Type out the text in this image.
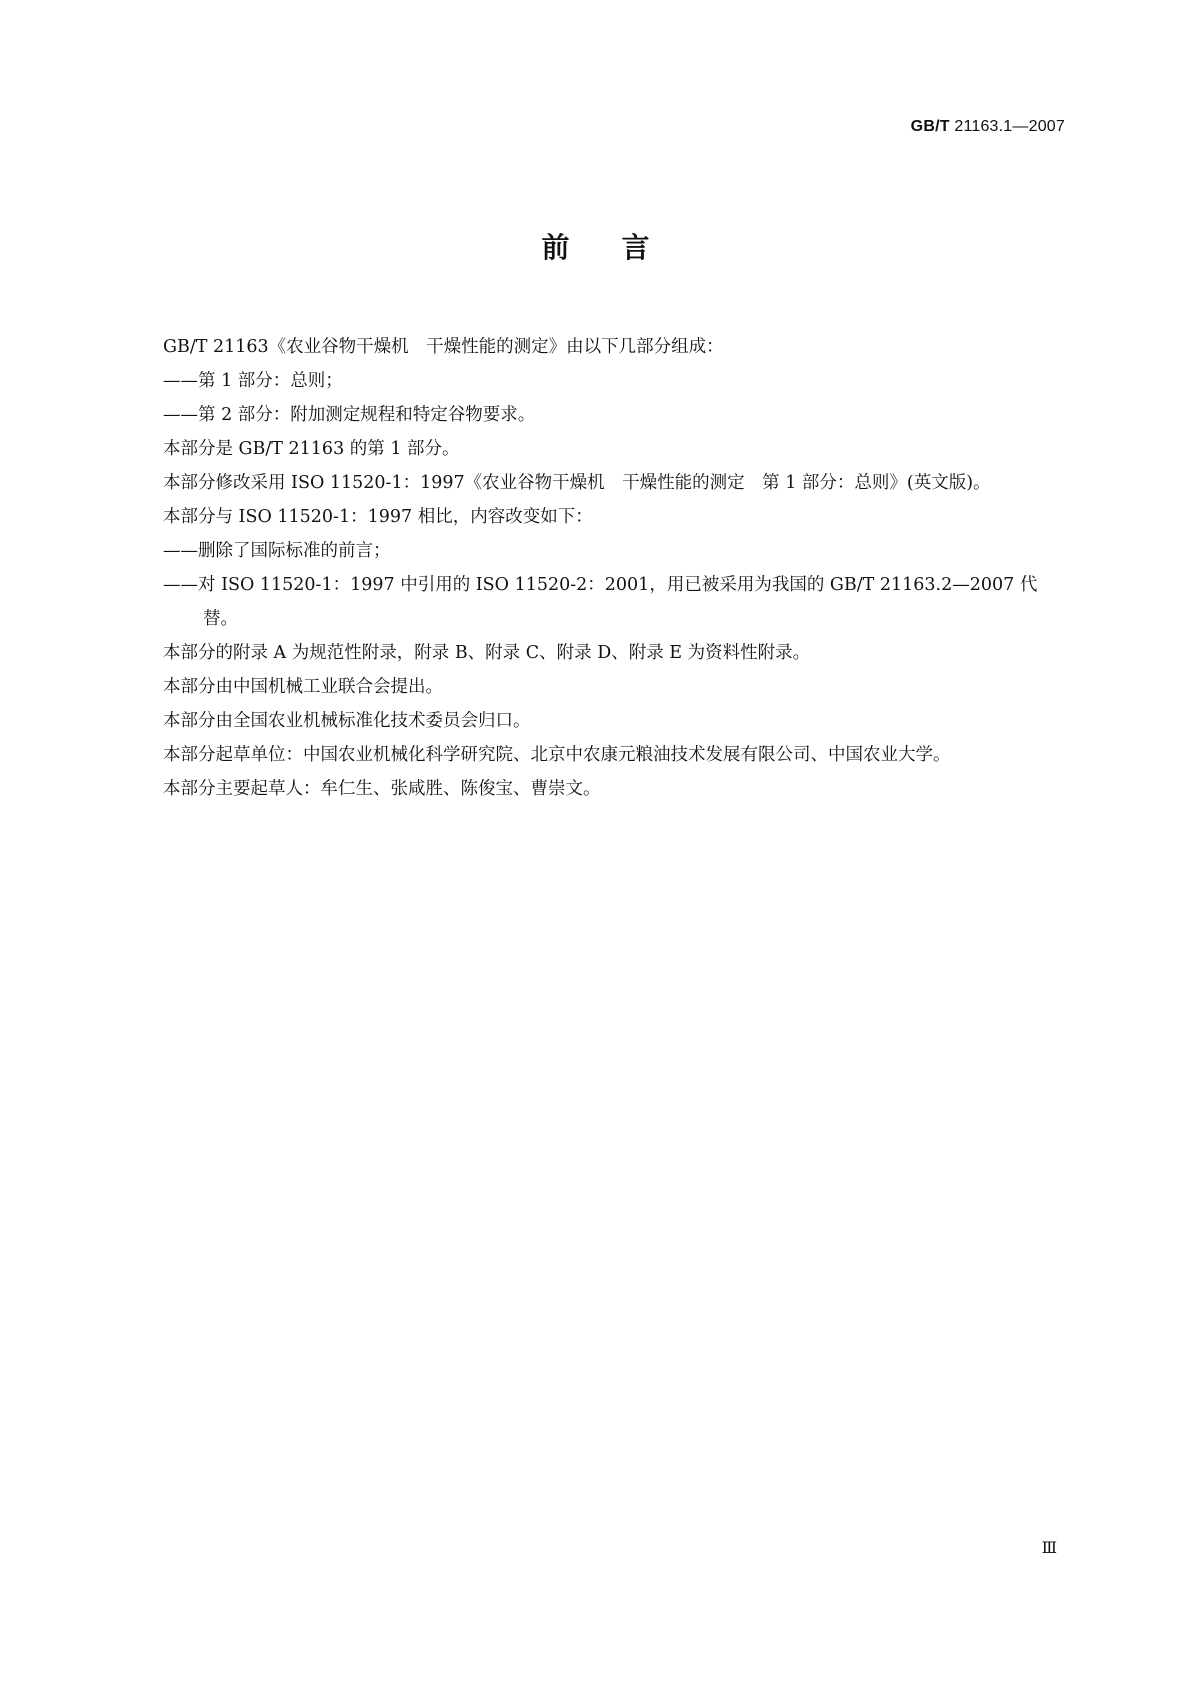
GB/T 21163.1—2007
前言

GB/T 21163《农业谷物干燥机　干燥性能的测定》由以下几部分组成：

——第 1 部分：总则；

——第 2 部分：附加测定规程和特定谷物要求。

本部分是 GB/T 21163 的第 1 部分。

本部分修改采用 ISO 11520-1：1997《农业谷物干燥机　干燥性能的测定　第 1 部分：总则》(英文版)。

本部分与 ISO 11520-1：1997 相比，内容改变如下：

——删除了国际标准的前言；

——对 ISO 11520-1：1997 中引用的 ISO 11520-2：2001，用已被采用为我国的 GB/T 21163.2—2007 代替。

本部分的附录 A 为规范性附录，附录 B、附录 C、附录 D、附录 E 为资料性附录。

本部分由中国机械工业联合会提出。

本部分由全国农业机械标准化技术委员会归口。

本部分起草单位：中国农业机械化科学研究院、北京中农康元粮油技术发展有限公司、中国农业大学。

本部分主要起草人：牟仁生、张咸胜、陈俊宝、曹崇文。

Ⅲ
